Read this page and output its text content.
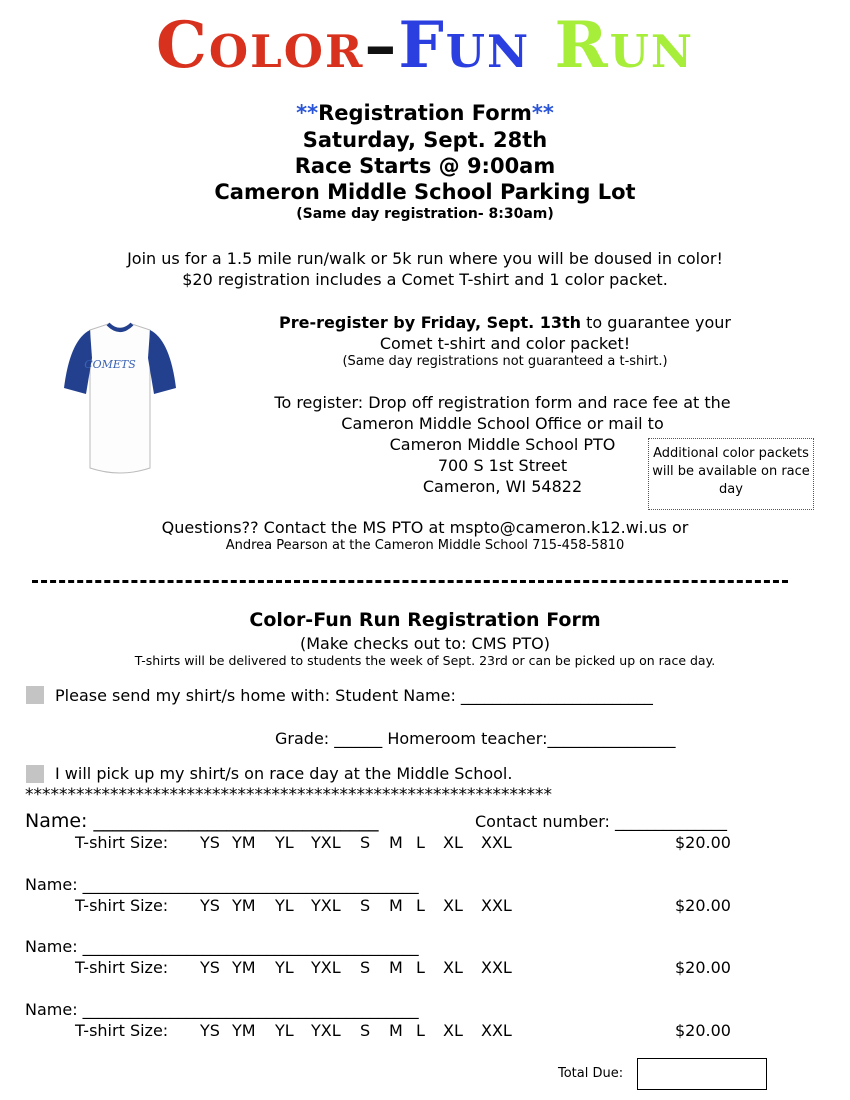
Color–Fun Run
**Registration Form**
Saturday, Sept. 28th
Race Starts @ 9:00am
Cameron Middle School Parking Lot
(Same day registration- 8:30am)
Join us for a 1.5 mile run/walk or 5k run where you will be doused in color!
$20 registration includes a Comet T-shirt and 1 color packet.
COMETS
Pre-register by Friday, Sept. 13th to guarantee your
Comet t-shirt and color packet!
(Same day registrations not guaranteed a t-shirt.)
To register: Drop off registration form and race fee at the
Cameron Middle School Office or mail to
Cameron Middle School PTO
700 S 1st Street
Cameron, WI 54822
Additional color packets will be available on race day
Questions?? Contact the MS PTO at mspto@cameron.k12.wi.us or
Andrea Pearson at the Cameron Middle School 715-458-5810
Color-Fun Run Registration Form
(Make checks out to: CMS PTO)
T-shirts will be delivered to students the week of Sept. 23rd or can be picked up on race day.
Please send my shirt/s home with: Student Name: ________________________
Grade: ______ Homeroom teacher:________________
I will pick up my shirt/s on race day at the Middle School.
**************************************************************
Name: ______________________________	Contact number: ______________
T-shirt Size: YS YM YL YXL S M L XL XXL	$20.00
Name: __________________________________________
T-shirt Size: YS YM YL YXL S M L XL XXL	$20.00
Name: __________________________________________
T-shirt Size: YS YM YL YXL S M L XL XXL	$20.00
Name: __________________________________________
T-shirt Size: YS YM YL YXL S M L XL XXL	$20.00
Total Due:
